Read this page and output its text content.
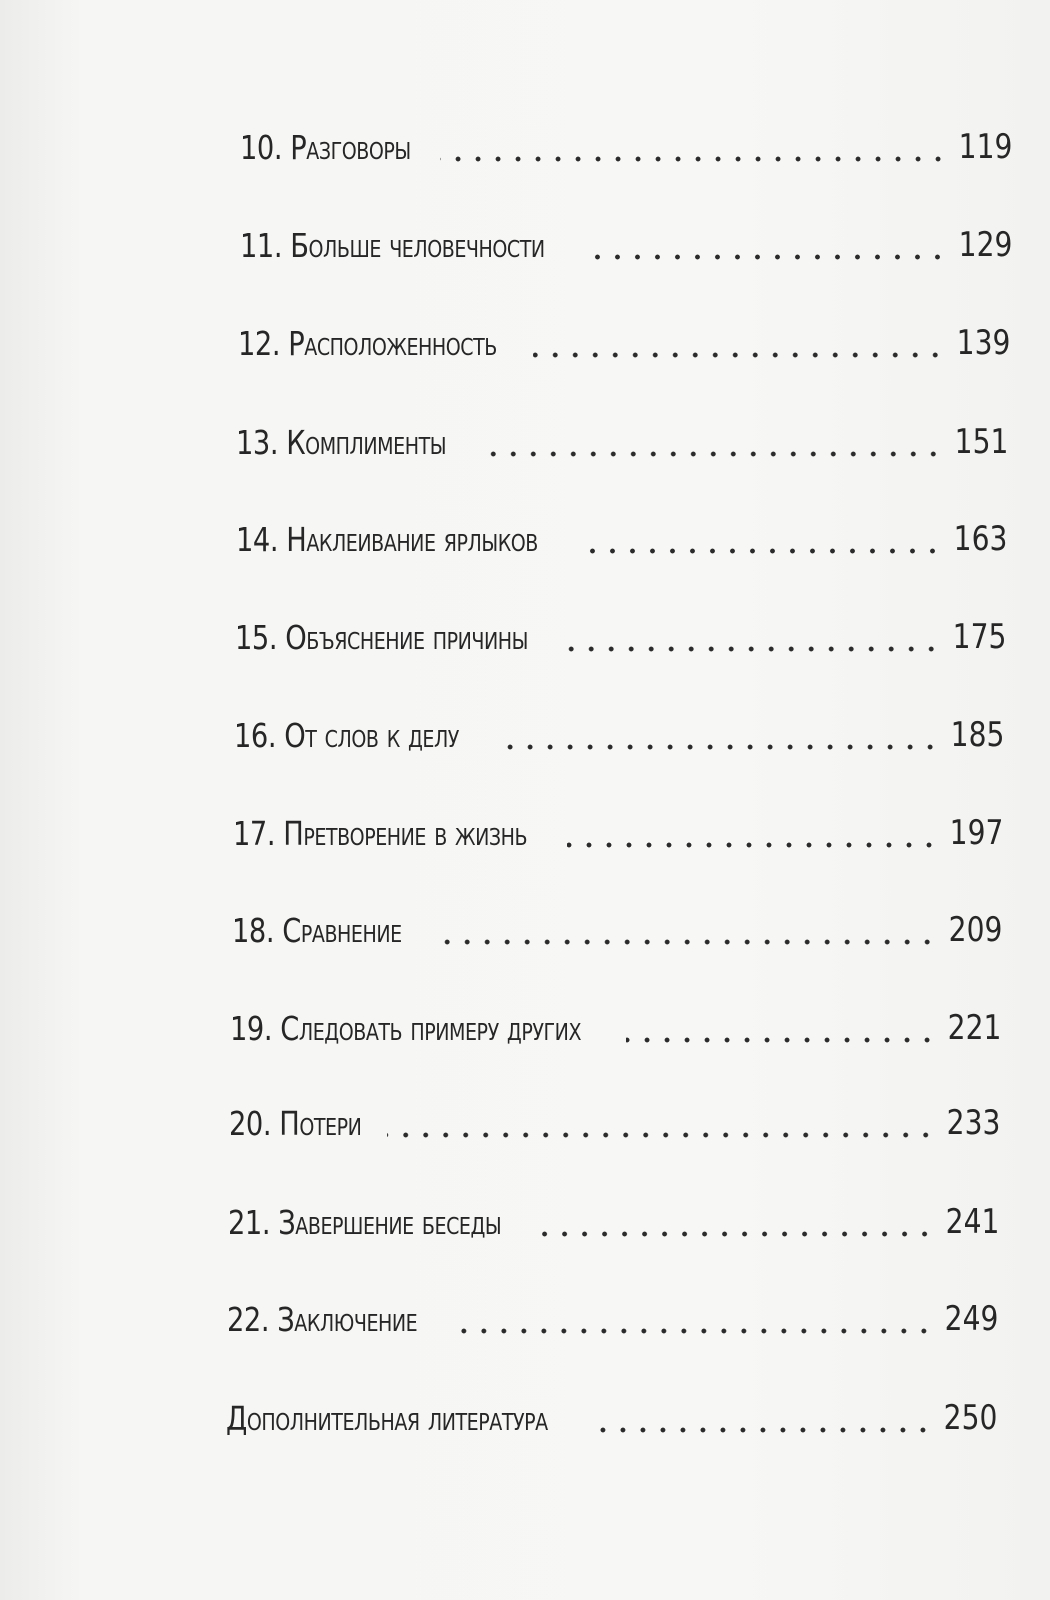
10. Разговоры	119
11. Больше человечности	129
12. Расположенность	139
13. Комплименты	151
14. Наклеивание ярлыков	163
15. Объяснение причины	175
16. От слов к делу	185
17. Претворение в жизнь	197
18. Сравнение	209
19. Следовать примеру других	221
20. Потери	233
21. Завершение беседы	241
22. Заключение	249
Дополнительная литература	250
